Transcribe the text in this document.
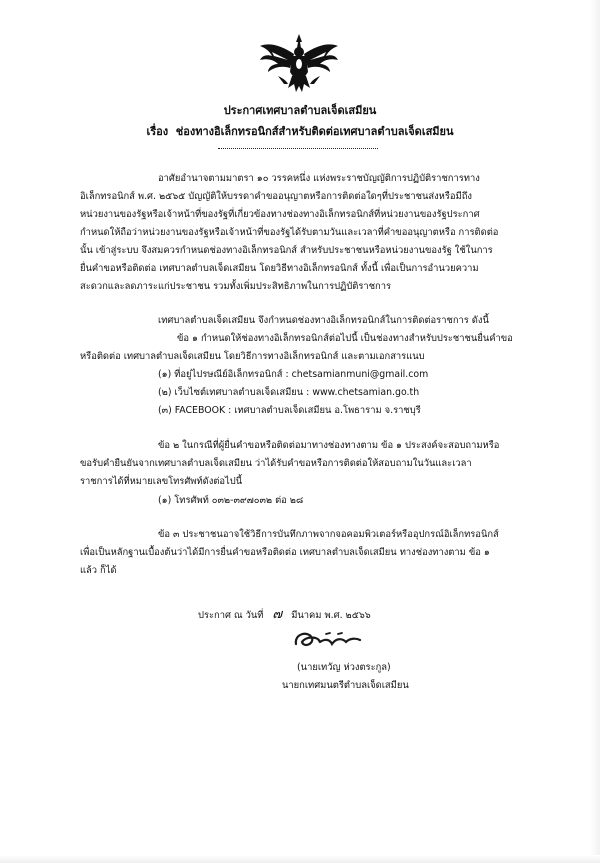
ประกาศเทศบาลตำบลเจ็ดเสมียน
เรื่อง ช่องทางอิเล็กทรอนิกส์สำหรับติดต่อเทศบาลตำบลเจ็ดเสมียน
อาศัยอำนาจตามมาตรา ๑๐ วรรคหนึ่ง แห่งพระราชบัญญัติการปฏิบัติราชการทาง
อิเล็กทรอนิกส์ พ.ศ. ๒๕๖๕ บัญญัติให้บรรดาคำขออนุญาตหรือการติดต่อใดๆที่ประชาชนส่งหรือมีถึง
หน่วยงานของรัฐหรือเจ้าหน้าที่ของรัฐที่เกี่ยวข้องทางช่องทางอิเล็กทรอนิกส์ที่หน่วยงานของรัฐประกาศ
กำหนดให้ถือว่าหน่วยงานของรัฐหรือเจ้าหน้าที่ของรัฐได้รับตามวันและเวลาที่คำขออนุญาตหรือ การติดต่อ
นั้น เข้าสู่ระบบ จึงสมควรกำหนดช่องทางอิเล็กทรอนิกส์ สำหรับประชาชนหรือหน่วยงานของรัฐ ใช้ในการ
ยื่นคำขอหรือติดต่อ เทศบาลตำบลเจ็ดเสมียน โดยวิธีทางอิเล็กทรอนิกส์ ทั้งนี้ เพื่อเป็นการอำนวยความ
สะดวกและลดภาระแก่ประชาชน รวมทั้งเพิ่มประสิทธิภาพในการปฏิบัติราชการ
เทศบาลตำบลเจ็ดเสมียน จึงกำหนดช่องทางอิเล็กทรอนิกส์ในการติดต่อราชการ ดังนี้
ข้อ ๑ กำหนดให้ช่องทางอิเล็กทรอนิกส์ต่อไปนี้ เป็นช่องทางสำหรับประชาชนยื่นคำขอ
หรือติดต่อ เทศบาลตำบลเจ็ดเสมียน โดยวิธีการทางอิเล็กทรอนิกส์ และตามเอกสารแนบ
(๑) ที่อยู่ไปรษณีย์อิเล็กทรอนิกส์ : chetsamianmuni@gmail.com
(๒) เว็บไซต์เทศบาลตำบลเจ็ดเสมียน : www.chetsamian.go.th
(๓) FACEBOOK : เทศบาลตำบลเจ็ดเสมียน อ.โพธาราม จ.ราชบุรี
ข้อ ๒ ในกรณีที่ผู้ยื่นคำขอหรือติดต่อมาทางช่องทางตาม ข้อ ๑ ประสงค์จะสอบถามหรือ
ขอรับคำยืนยันจากเทศบาลตำบลเจ็ดเสมียน ว่าได้รับคำขอหรือการติดต่อให้สอบถามในวันและเวลา
ราชการได้ที่หมายเลขโทรศัพท์ดังต่อไปนี้
(๑) โทรศัพท์ ๐๓๒-๓๙๗๐๓๒ ต่อ ๒๘
ข้อ ๓ ประชาชนอาจใช้วิธีการบันทึกภาพจากจอคอมพิวเตอร์หรืออุปกรณ์อิเล็กทรอนิกส์
เพื่อเป็นหลักฐานเบื้องต้นว่าได้มีการยื่นคำขอหรือติดต่อ เทศบาลตำบลเจ็ดเสมียน ทางช่องทางตาม ข้อ ๑
แล้ว ก็ได้
ประกาศ ณ วันที่ ๗ มีนาคม พ.ศ. ๒๕๖๖
(นายเทวัญ ห่วงตระกูล)
นายกเทศมนตรีตำบลเจ็ดเสมียน
